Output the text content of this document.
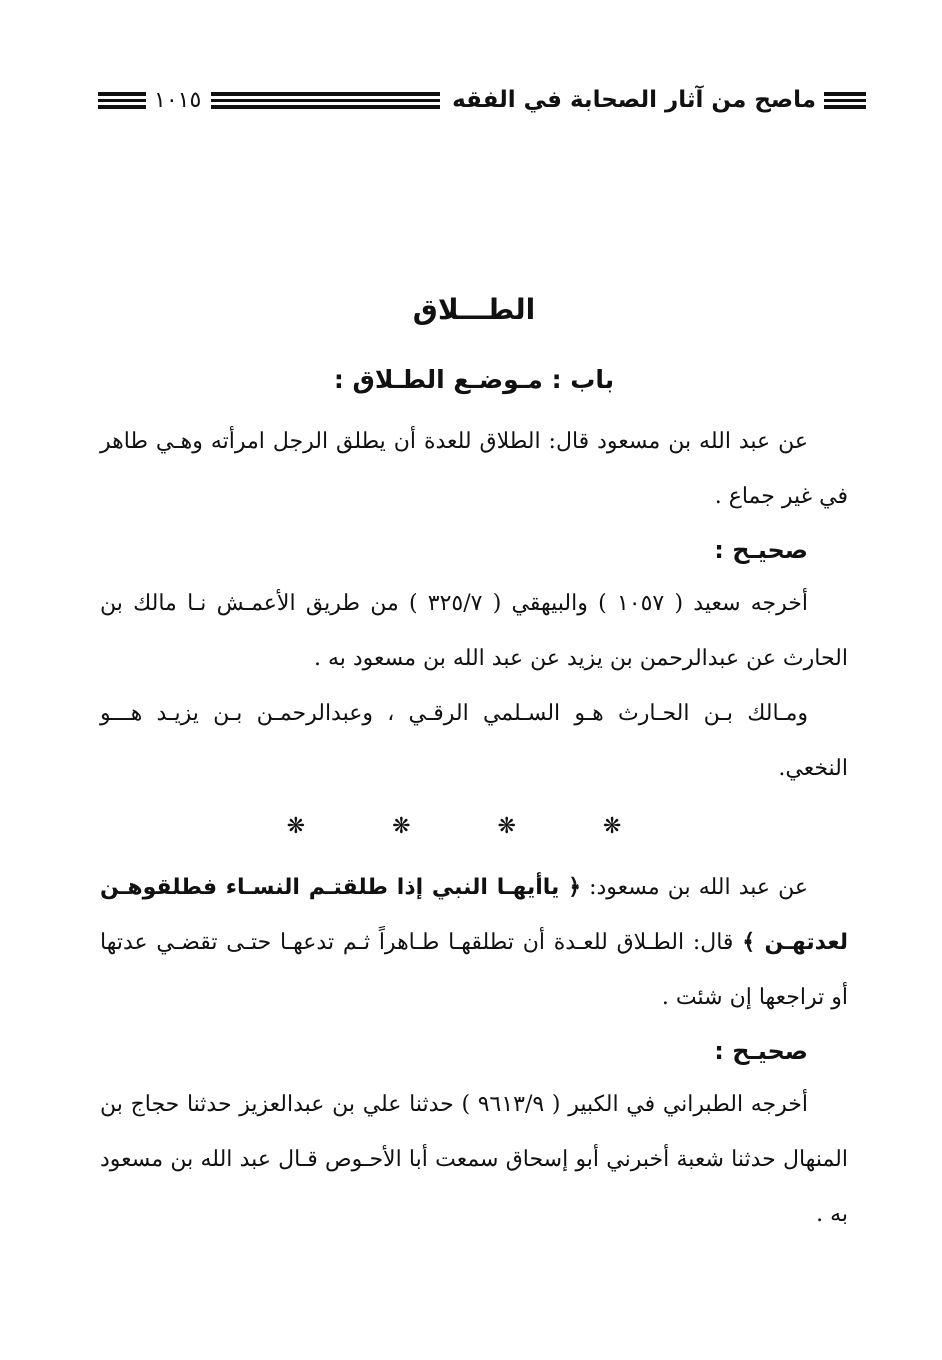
ماصح من آثار الصحابة في الفقه
١٠١٥
الطـــلاق
باب : مـوضـع الطـلاق :

عن عبد الله بن مسعود قال: الطلاق للعدة أن يطلق الرجل امرأته وهـي طاهر في غير جماع .

صحيـح :

أخرجه سعيد ( ١٠٥٧ ) والبيهقي ( ٣٢٥/٧ ) من طريق الأعمـش نـا مالك بن الحارث عن عبدالرحمن بن يزيد عن عبد الله بن مسعود به .

ومـالك بـن الحـارث هـو السـلمي الرقـي ، وعبدالرحمـن بـن يزيـد هـــو النخعي.

❋ ❋ ❋ ❋

عن عبد الله بن مسعود: ﴿ ياأيهـا النبي إذا طلقتـم النسـاء فطلقوهـن لعدتهـن ﴾ قال: الطـلاق للعـدة أن تطلقهـا طـاهراً ثـم تدعهـا حتـى تقضـي عدتها أو تراجعها إن شئت .

صحيـح :

أخرجه الطبراني في الكبير ( ٩٦١٣/٩ ) حدثنا علي بن عبدالعزيز حدثنا حجاج بن المنهال حدثنا شعبة أخبرني أبو إسحاق سمعت أبا الأحـوص قـال عبد الله بن مسعود به .
